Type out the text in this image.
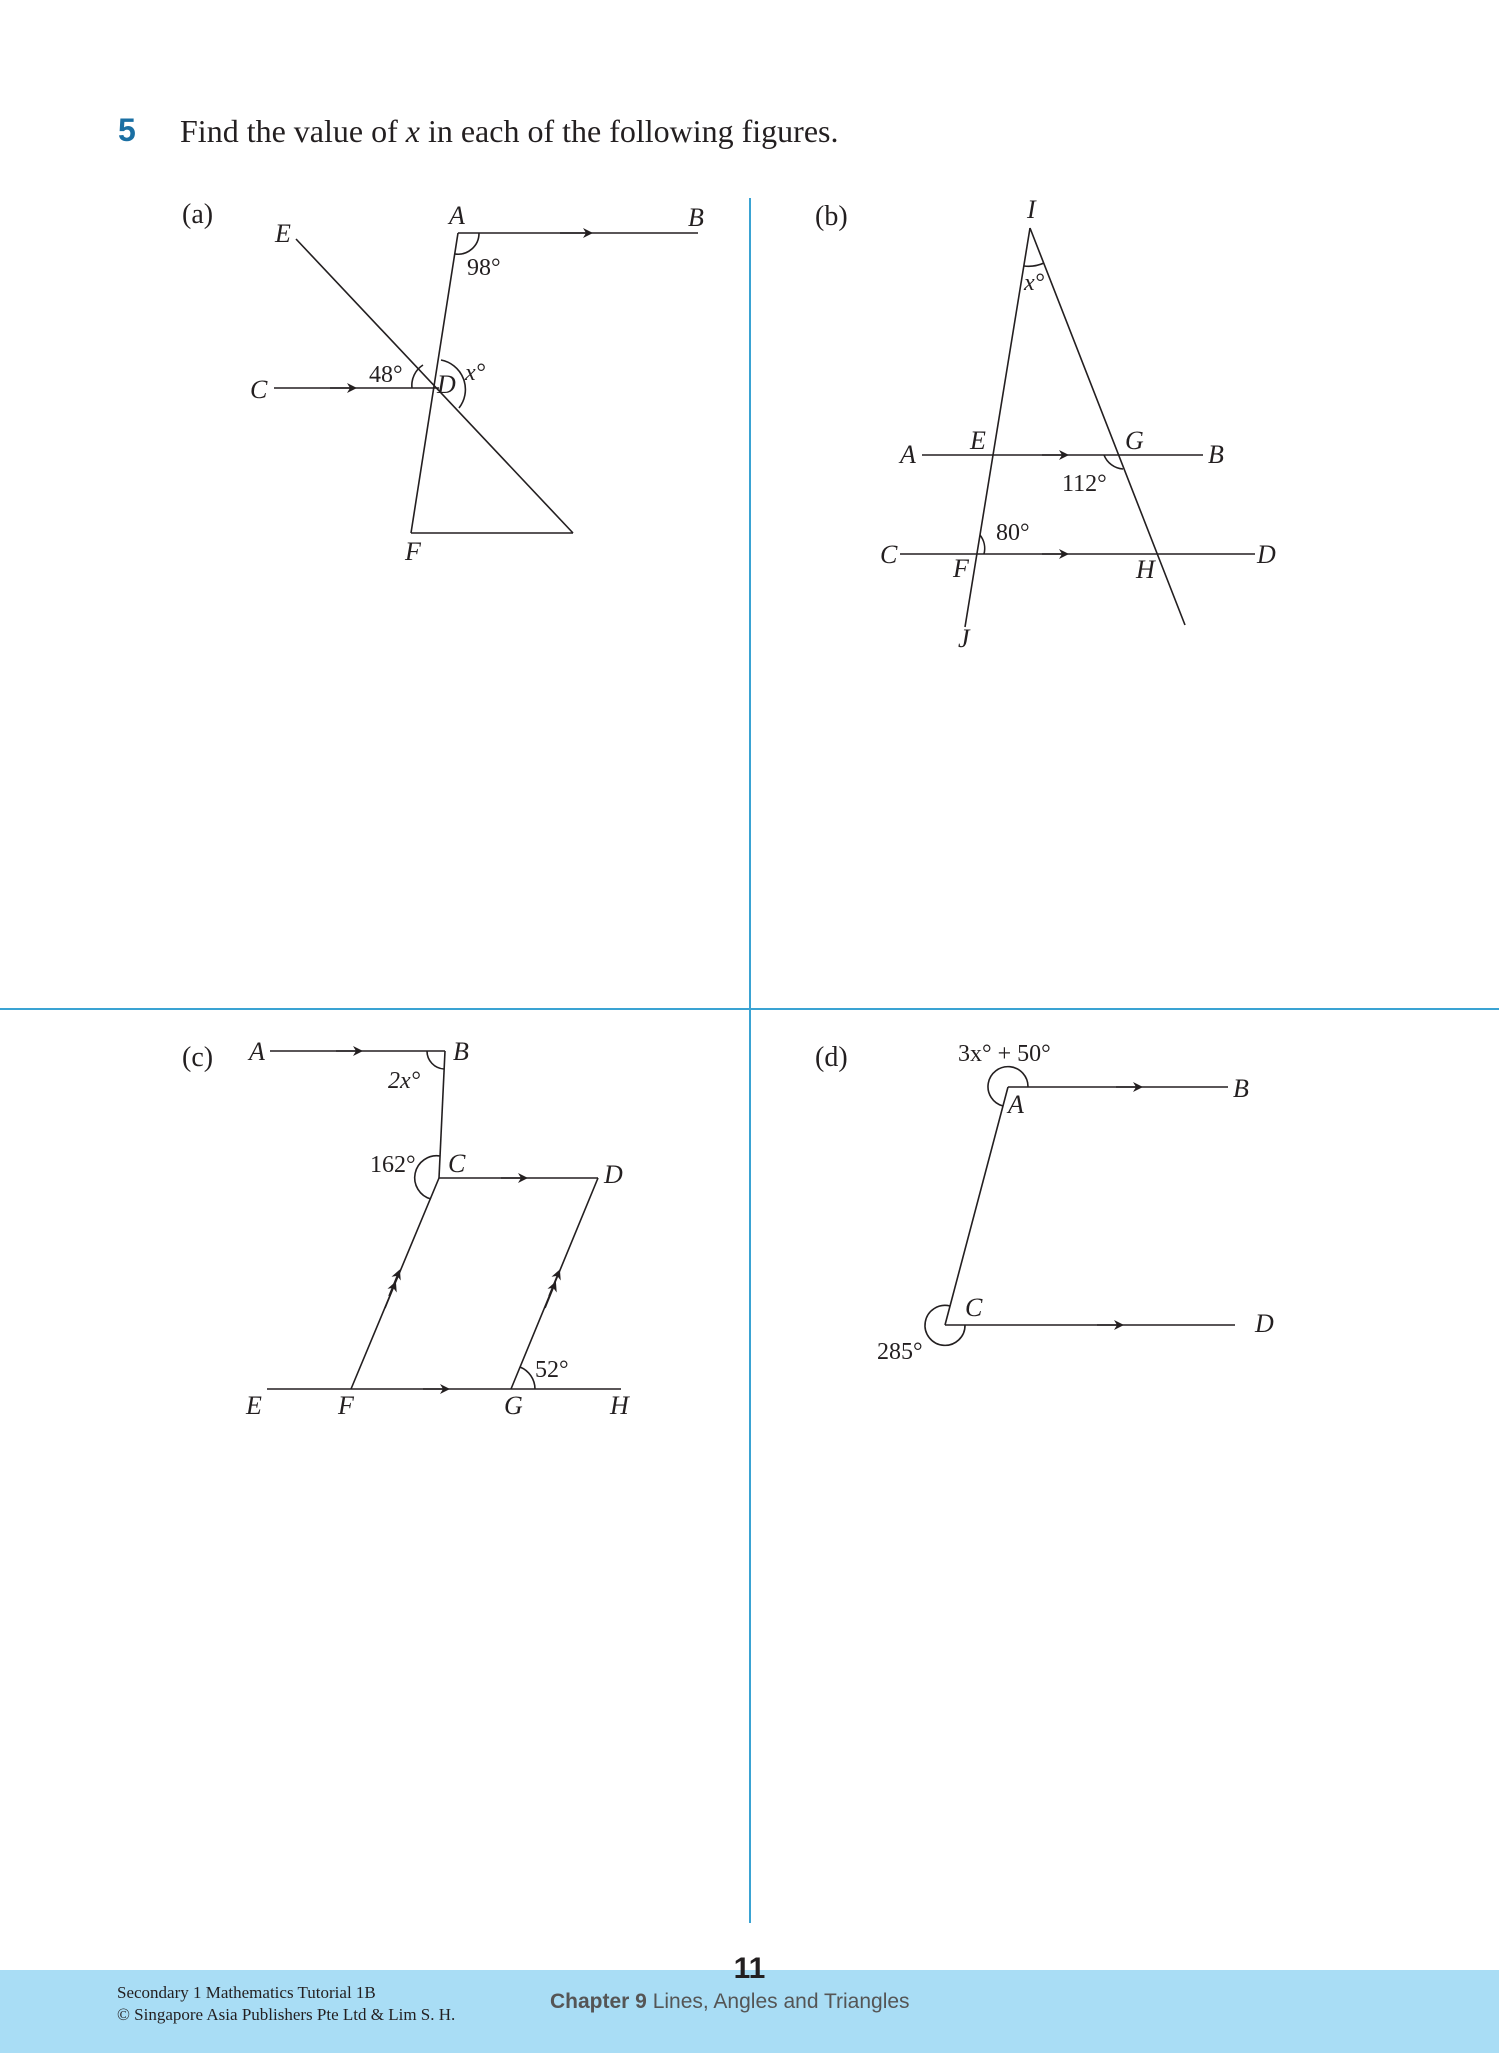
5 Find the value of x in each of the following figures.
(a)
E
A	B
C	D
F
98°
48°	x°
(b)	I
A E	G B
C F	H
D
J
x°
112°
80°
(c) A	B
C	D
E	F	G	H
2x°
162°
52°
(d)
A
B
C
D
3x° + 50°
285°
11
Secondary 1 Mathematics Tutorial 1B
© Singapore Asia Publishers Pte Ltd & Lim S. H.
Chapter 9 Lines, Angles and Triangles
